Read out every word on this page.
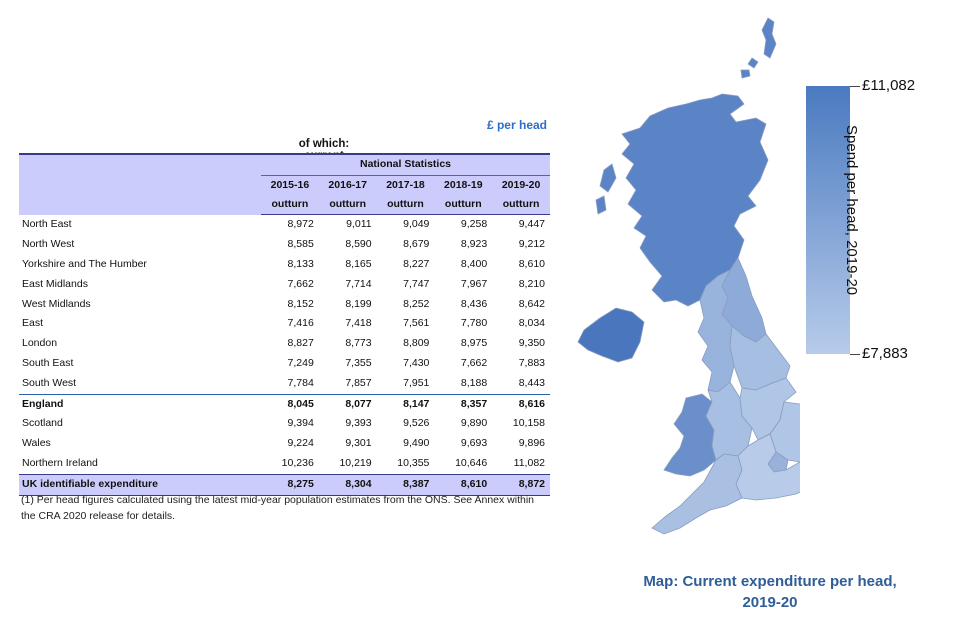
£ per head
of which:
	National Statistics				
	2015-16	2016-17	2017-18	2018-19	2019-20
	outturn	outturn	outturn	outturn	outturn
North East	8,972	9,011	9,049	9,258	9,447
North West	8,585	8,590	8,679	8,923	9,212
Yorkshire and The Humber	8,133	8,165	8,227	8,400	8,610
East Midlands	7,662	7,714	7,747	7,967	8,210
West Midlands	8,152	8,199	8,252	8,436	8,642
East	7,416	7,418	7,561	7,780	8,034
London	8,827	8,773	8,809	8,975	9,350
South East	7,249	7,355	7,430	7,662	7,883
South West	7,784	7,857	7,951	8,188	8,443
England	8,045	8,077	8,147	8,357	8,616
Scotland	9,394	9,393	9,526	9,890	10,158
Wales	9,224	9,301	9,490	9,693	9,896
Northern Ireland	10,236	10,219	10,355	10,646	11,082
UK identifiable expenditure	8,275	8,304	8,387	8,610	8,872
(1) Per head figures calculated using the latest mid-year population estimates from the ONS. See Annex within the CRA 2020 release for details.
£11,082
£7,883
Spend per head, 2019-20
Map: Current expenditure per head, 2019-20
